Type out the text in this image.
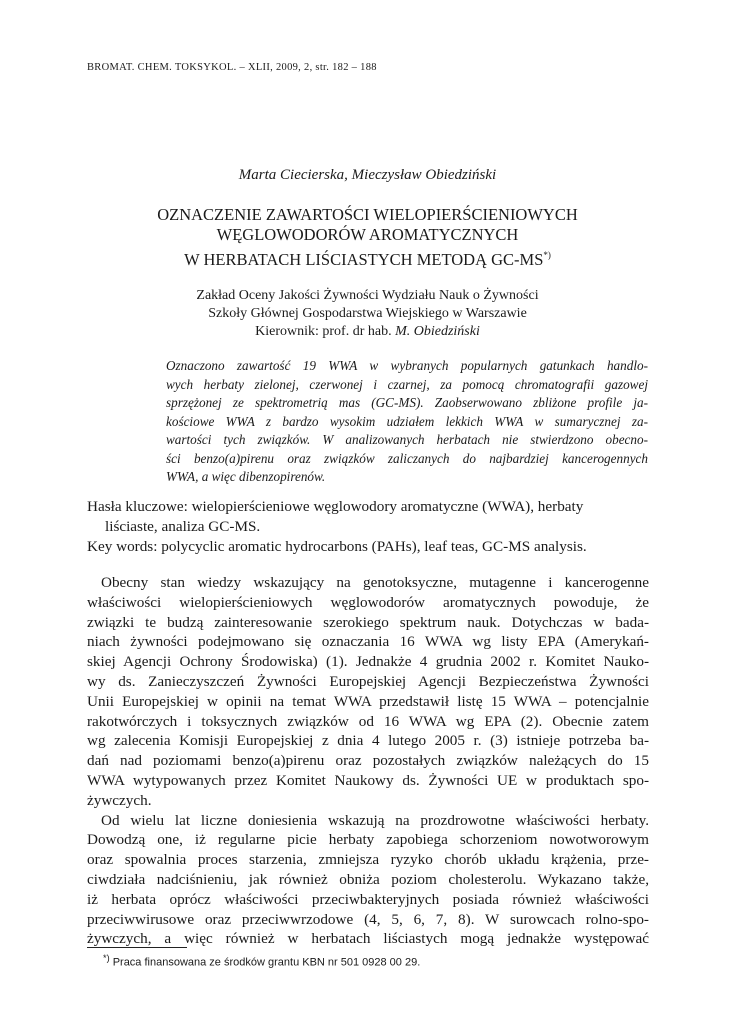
BROMAT. CHEM. TOKSYKOL. – XLII, 2009, 2, str. 182 – 188
Marta Ciecierska, Mieczysław Obiedziński
OZNACZENIE ZAWARTOŚCI WIELOPIERŚCIENIOWYCH
WĘGLOWODORÓW AROMATYCZNYCH
W HERBATACH LIŚCIASTYCH METODĄ GC-MS*)
Zakład Oceny Jakości Żywności Wydziału Nauk o Żywności
Szkoły Głównej Gospodarstwa Wiejskiego w Warszawie
Kierownik: prof. dr hab. M. Obiedziński
Oznaczono zawartość 19 WWA w wybranych popularnych gatunkach handlo-
wych herbaty zielonej, czerwonej i czarnej, za pomocą chromatografii gazowej
sprzężonej ze spektrometrią mas (GC-MS). Zaobserwowano zbliżone profile ja-
kościowe WWA z bardzo wysokim udziałem lekkich WWA w sumarycznej za-
wartości tych związków. W analizowanych herbatach nie stwierdzono obecno-
ści benzo(a)pirenu oraz związków zaliczanych do najbardziej kancerogennych
WWA, a więc dibenzopirenów.
Hasła kluczowe: wielopierścieniowe węglowodory aromatyczne (WWA), herbaty
liściaste, analiza GC-MS.
Key words: polycyclic aromatic hydrocarbons (PAHs), leaf teas, GC-MS analysis.
Obecny stan wiedzy wskazujący na genotoksyczne, mutagenne i kancerogenne
właściwości wielopierścieniowych węglowodorów aromatycznych powoduje, że
związki te budzą zainteresowanie szerokiego spektrum nauk. Dotychczas w bada-
niach żywności podejmowano się oznaczania 16 WWA wg listy EPA (Amerykań-
skiej Agencji Ochrony Środowiska) (1). Jednakże 4 grudnia 2002 r. Komitet Nauko-
wy ds. Zanieczyszczeń Żywności Europejskiej Agencji Bezpieczeństwa Żywności
Unii Europejskiej w opinii na temat WWA przedstawił listę 15 WWA – potencjalnie
rakotwórczych i toksycznych związków od 16 WWA wg EPA (2). Obecnie zatem
wg zalecenia Komisji Europejskiej z dnia 4 lutego 2005 r. (3) istnieje potrzeba ba-
dań nad poziomami benzo(a)pirenu oraz pozostałych związków należących do 15
WWA wytypowanych przez Komitet Naukowy ds. Żywności UE w produktach spo-
żywczych.
Od wielu lat liczne doniesienia wskazują na prozdrowotne właściwości herbaty.
Dowodzą one, iż regularne picie herbaty zapobiega schorzeniom nowotworowym
oraz spowalnia proces starzenia, zmniejsza ryzyko chorób układu krążenia, prze-
ciwdziała nadciśnieniu, jak również obniża poziom cholesterolu. Wykazano także,
iż herbata oprócz właściwości przeciwbakteryjnych posiada również właściwości
przeciwwirusowe oraz przeciwwrzodowe (4, 5, 6, 7, 8). W surowcach rolno-spo-
żywczych, a więc również w herbatach liściastych mogą jednakże występować
*) Praca finansowana ze środków grantu KBN nr 501 0928 00 29.
